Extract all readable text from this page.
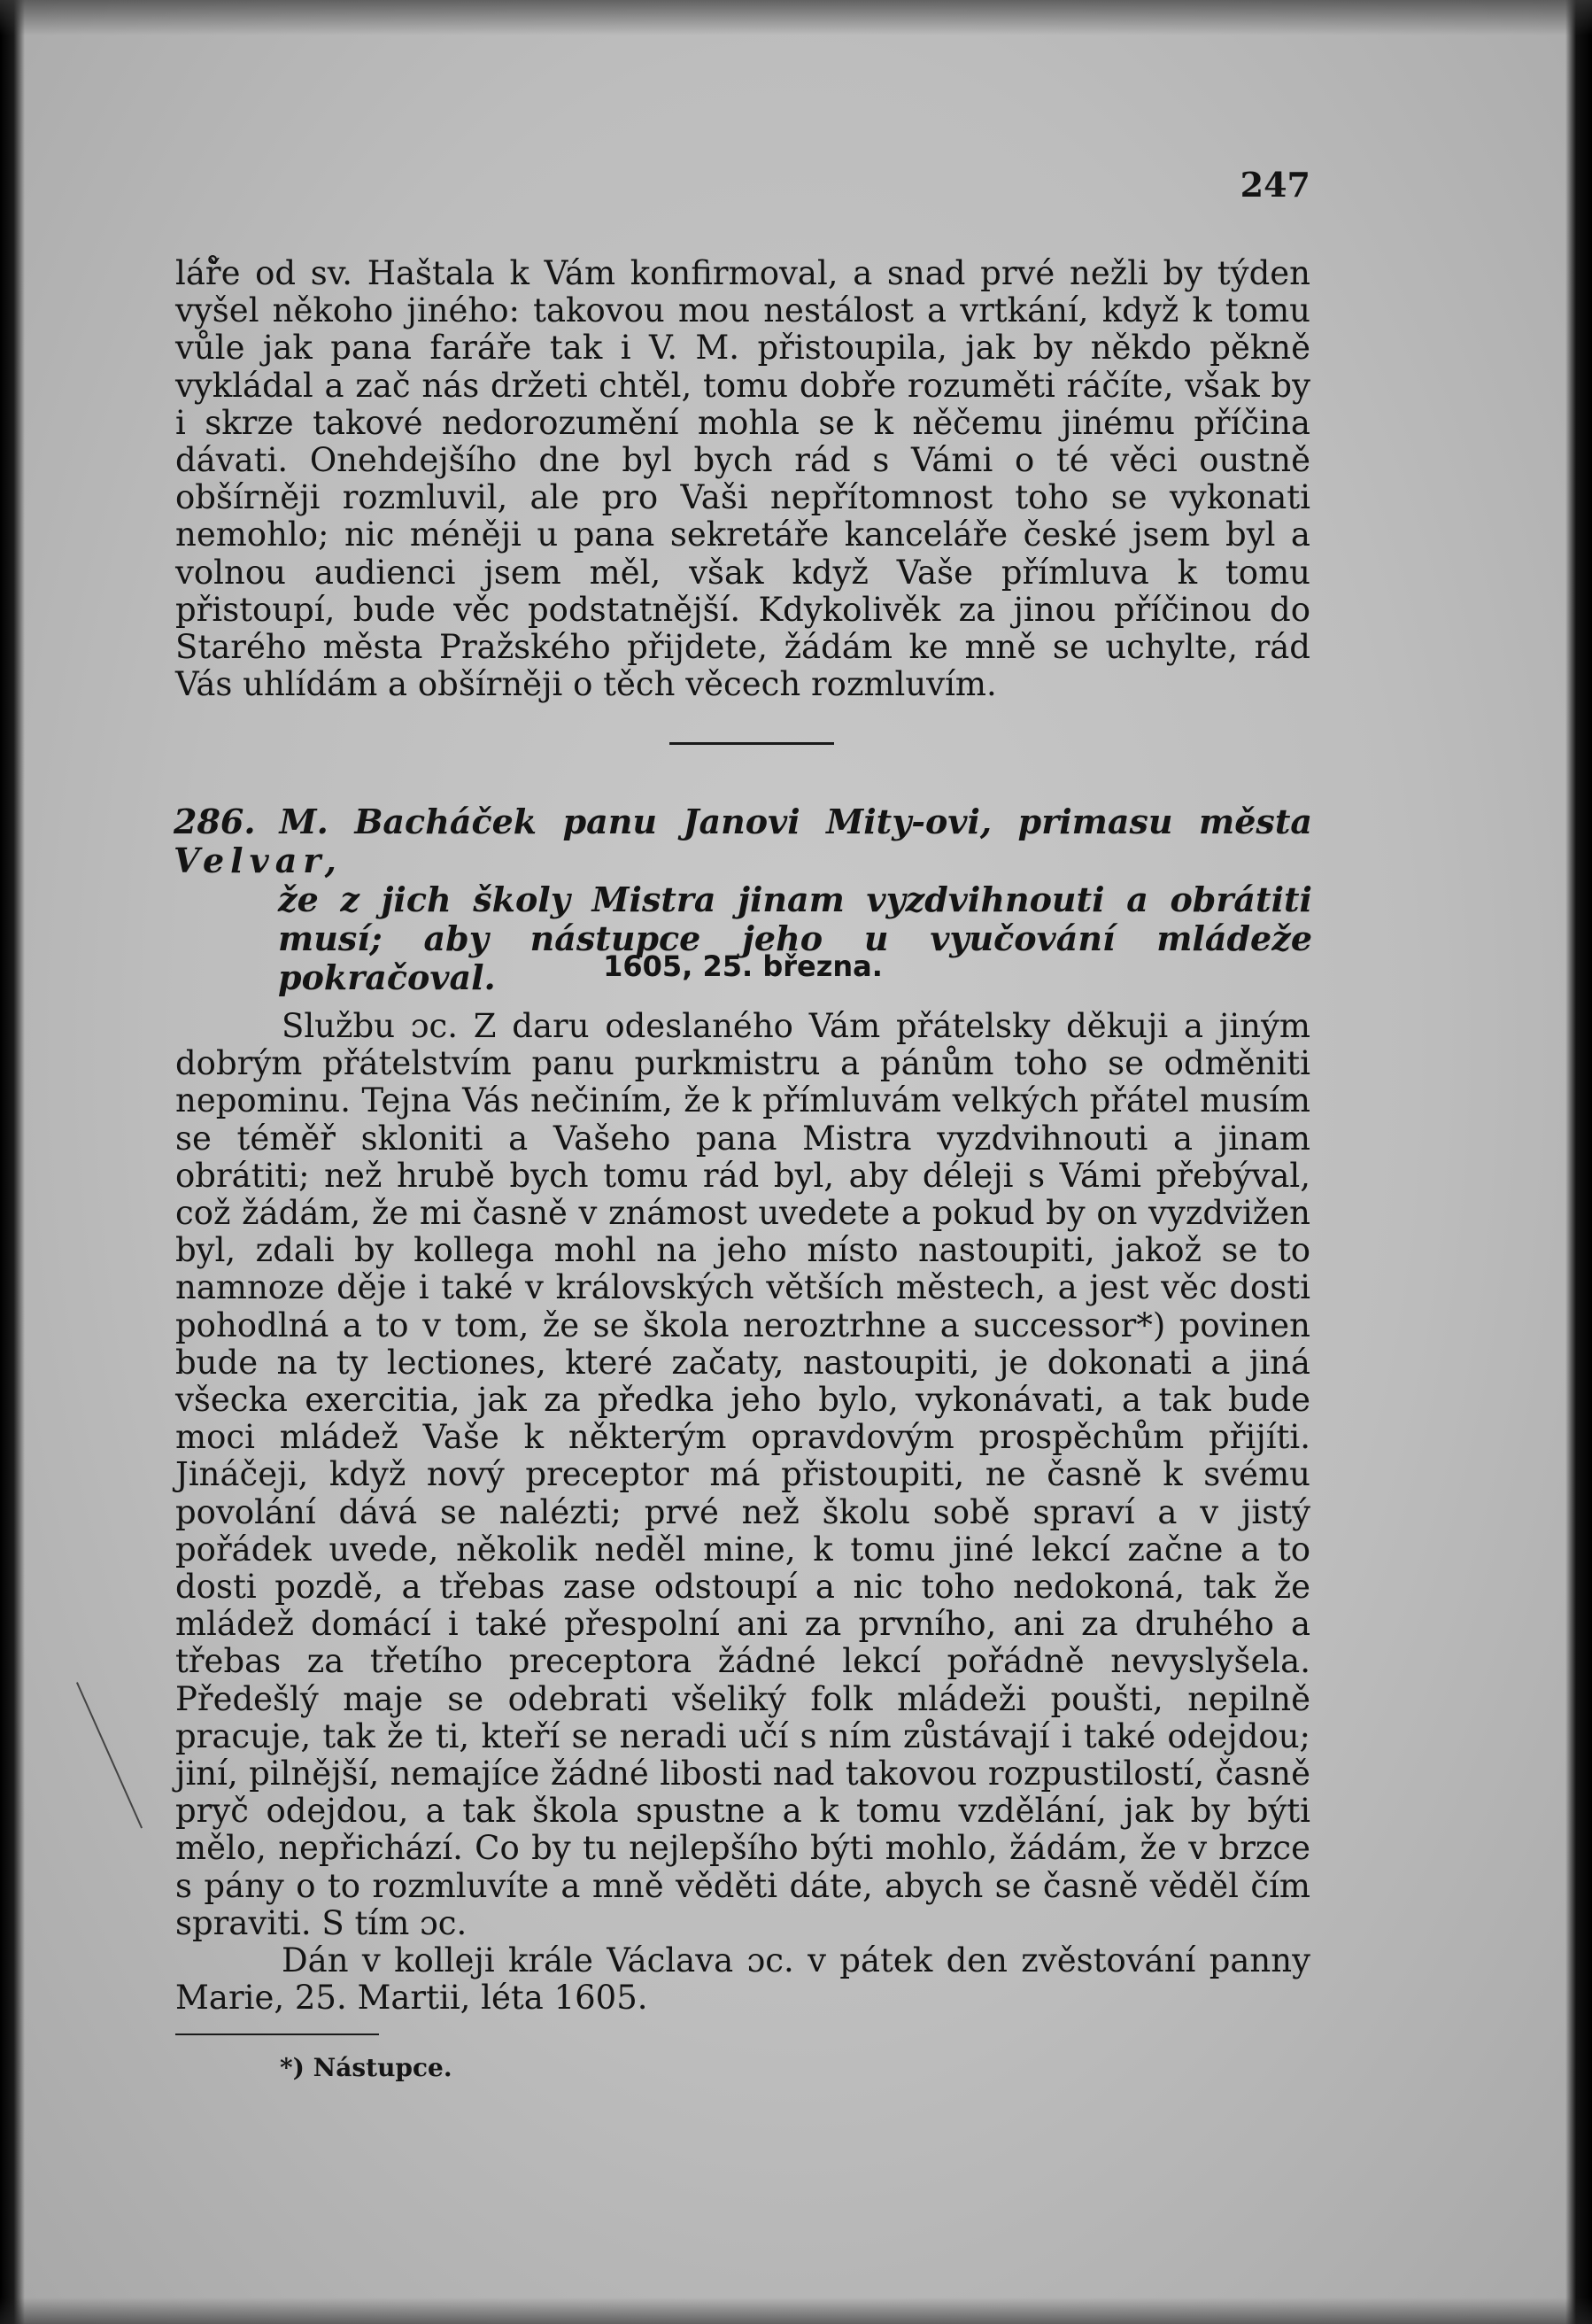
247

lář̊e od sv. Haštala k Vám konfirmoval, a snad prvé nežli by týden vyšel někoho jiného: takovou mou nestálost a vrtkání, když k tomu vůle jak pana faráře tak i V. M. přistoupila, jak by někdo pěkně vykládal a zač nás držeti chtěl, tomu dobře rozuměti ráčíte, však by i skrze takové nedorozumění mohla se k něčemu jinému příčina dávati. Onehdejšího dne byl bych rád s Vámi o té věci oustně obšírněji rozmluvil, ale pro Vaši nepřítomnost toho se vykonati nemohlo; nic méněji u pana sekretáře kanceláře české jsem byl a volnou audienci jsem měl, však když Vaše přímluva k tomu přistoupí, bude věc podstatnější. Kdykolivěk za jinou příčinou do Starého města Pražského přijdete, žádám ke mně se uchylte, rád Vás uhlídám a obšírněji o těch věcech rozmluvím.

286. M. Bacháček panu Janovi Mity-ovi, primasu města Velvar,
že z jich školy Mistra jinam vyzdvihnouti a obrátiti musí; aby nástupce jeho u vyučování mládeže pokračoval.	1605, 25. března.

Službu ɔc. Z daru odeslaného Vám přátelsky děkuji a jiným dobrým přátelstvím panu purkmistru a pánům toho se odměniti nepominu. Tejna Vás nečiním, že k přímluvám velkých přátel musím se téměř skloniti a Vašeho pana Mistra vyzdvihnouti a jinam obrátiti; než hrubě bych tomu rád byl, aby déleji s Vámi přebýval, což žádám, že mi časně v známost uvedete a pokud by on vyzdvižen byl, zdali by kollega mohl na jeho místo nastoupiti, jakož se to namnoze děje i také v královských větších městech, a jest věc dosti pohodlná a to v tom, že se škola neroztrhne a successor*) povinen bude na ty lectiones, které začaty, nastoupiti, je dokonati a jiná všecka exercitia, jak za předka jeho bylo, vykonávati, a tak bude moci mládež Vaše k některým opravdovým prospěchům přijíti. Jináčeji, když nový preceptor má přistoupiti, ne časně k svému povolání dává se nalézti; prvé než školu sobě spraví a v jistý pořádek uvede, několik neděl mine, k tomu jiné lekcí začne a to dosti pozdě, a třebas zase odstoupí a nic toho nedokoná, tak že mládež domácí i také přespolní ani za prvního, ani za druhého a třebas za třetího preceptora žádné lekcí pořádně nevyslyšela. Předešlý maje se odebrati všeliký folk mládeži poušti, nepilně pracuje, tak že ti, kteří se neradi učí s ním zůstávají i také odejdou; jiní, pilnější, nemajíce žádné libosti nad takovou rozpustilostí, časně pryč odejdou, a tak škola spustne a k tomu vzdělání, jak by býti mělo, nepřichází. Co by tu nejlepšího býti mohlo, žádám, že v brzce s pány o to rozmluvíte a mně věděti dáte, abych se časně věděl čím spraviti. S tím ɔc.

Dán v kolleji krále Václava ɔc. v pátek den zvěstování panny Marie, 25. Martii, léta 1605.

*) Nástupce.
